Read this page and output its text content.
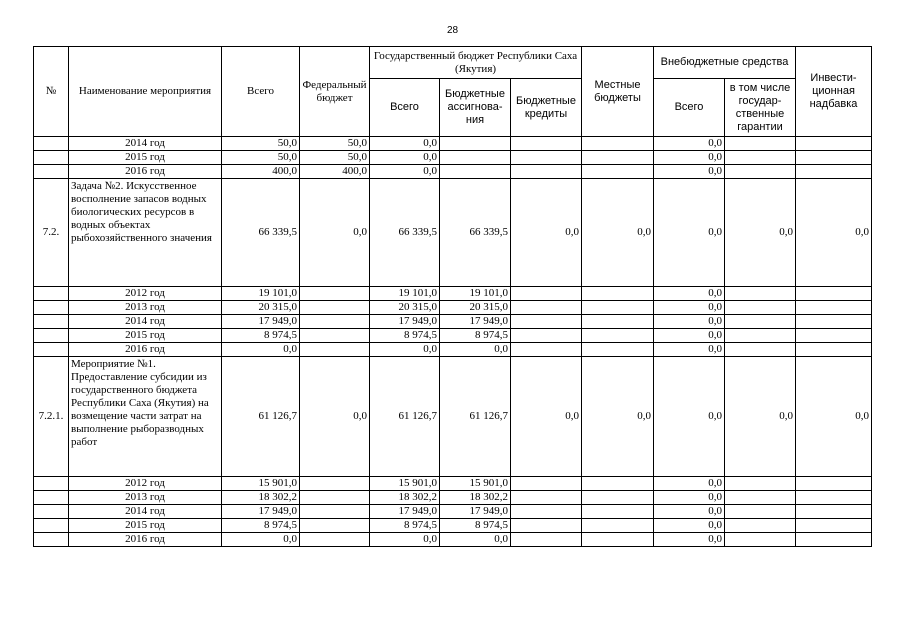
28
№	Наименование мероприятия	Всего	Федеральный бюджет	Государственный бюджет Республики Саха (Якутия)			Местные бюджеты	Внебюджетные средства		Инвести-ционная надбавка
				Всего	Бюджетные ассигнова-ния	Бюджетные кредиты		Всего	в том числе государ-ственные гарантии	
	2014 год	50,0	50,0	0,0				0,0		
	2015 год	50,0	50,0	0,0				0,0		
	2016 год	400,0	400,0	0,0				0,0		
7.2.	Задача №2. Искусственное восполнение запасов водных биологических ресурсов в водных объектах рыбохозяйственного значения	66 339,5	0,0	66 339,5	66 339,5	0,0	0,0	0,0	0,0	0,0
	2012 год	19 101,0		19 101,0	19 101,0			0,0		
	2013 год	20 315,0		20 315,0	20 315,0			0,0		
	2014 год	17 949,0		17 949,0	17 949,0			0,0		
	2015 год	8 974,5		8 974,5	8 974,5			0,0		
	2016 год	0,0		0,0	0,0			0,0		
7.2.1.	Мероприятие №1. Предоставление субсидии из государственного бюджета Республики Саха (Якутия) на возмещение части затрат на выполнение рыборазводных работ	61 126,7	0,0	61 126,7	61 126,7	0,0	0,0	0,0	0,0	0,0
	2012 год	15 901,0		15 901,0	15 901,0			0,0		
	2013 год	18 302,2		18 302,2	18 302,2			0,0		
	2014 год	17 949,0		17 949,0	17 949,0			0,0		
	2015 год	8 974,5		8 974,5	8 974,5			0,0		
	2016 год	0,0		0,0	0,0			0,0		
